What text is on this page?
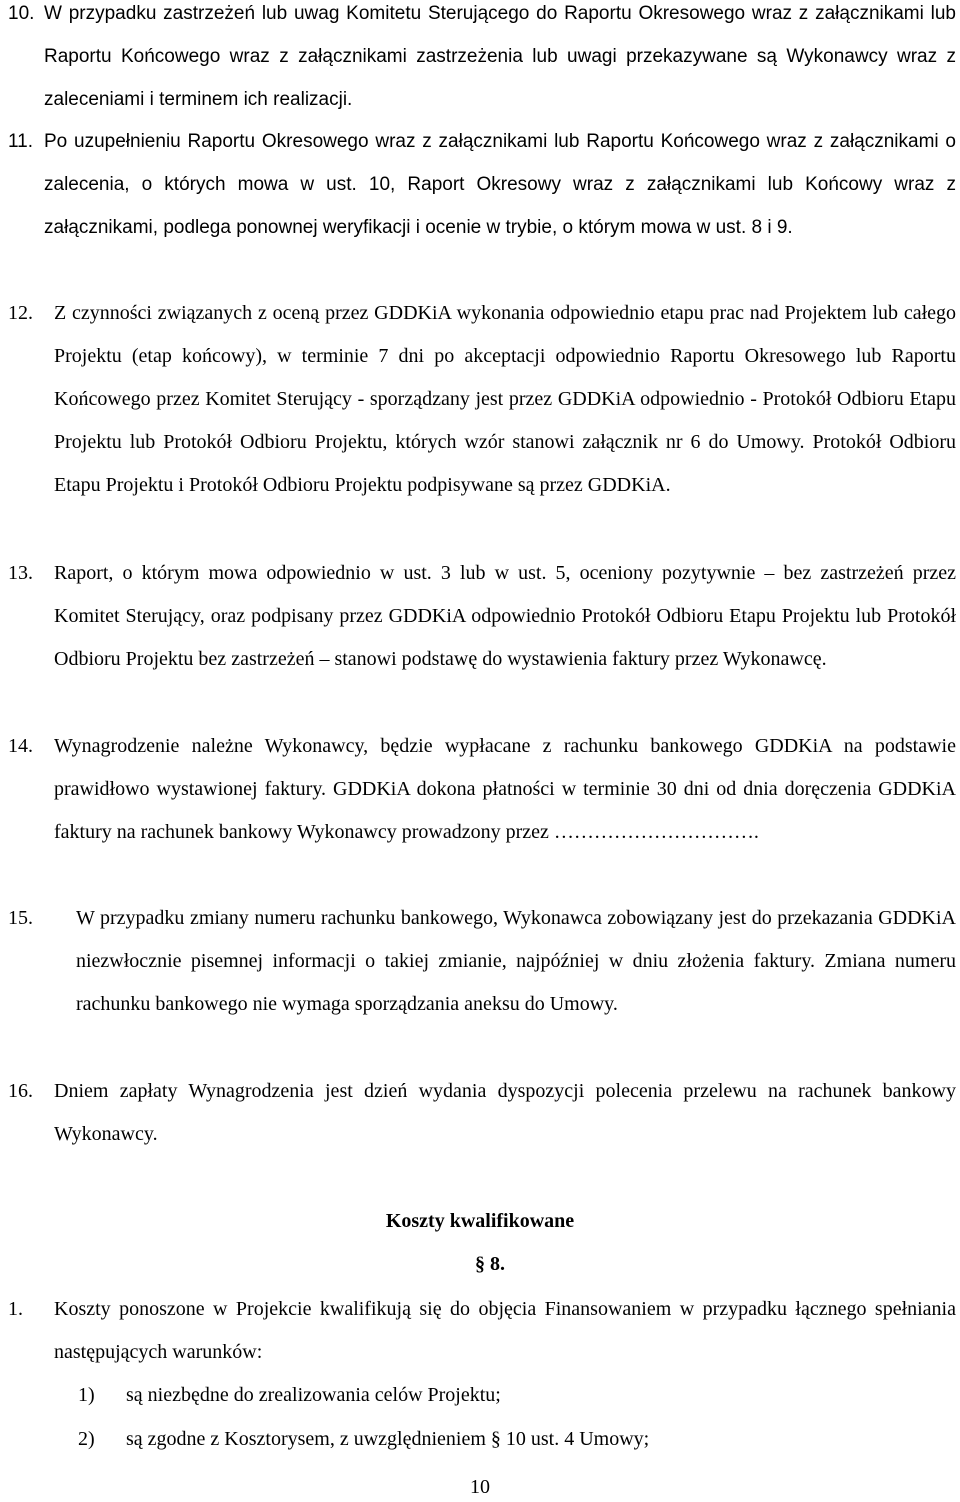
10. W przypadku zastrzeżeń lub uwag Komitetu Sterującego do Raportu Okresowego wraz z załącznikami lub Raportu Końcowego wraz z załącznikami zastrzeżenia lub uwagi przekazywane są Wykonawcy wraz z zaleceniami i terminem ich realizacji.
11. Po uzupełnieniu Raportu Okresowego wraz z załącznikami lub Raportu Końcowego wraz z załącznikami o zalecenia, o których mowa w ust. 10, Raport Okresowy wraz z załącznikami lub Końcowy wraz z załącznikami, podlega ponownej weryfikacji i ocenie w trybie, o którym mowa w ust. 8 i 9.
12.	Z czynności związanych z oceną przez GDDKiA wykonania odpowiednio etapu prac nad Projektem lub całego Projektu (etap końcowy), w terminie 7 dni po akceptacji odpowiednio Raportu Okresowego lub Raportu Końcowego przez Komitet Sterujący - sporządzany jest przez GDDKiA odpowiednio - Protokół Odbioru Etapu Projektu lub Protokół Odbioru Projektu, których wzór stanowi załącznik nr 6 do Umowy. Protokół Odbioru Etapu Projektu i Protokół Odbioru Projektu podpisywane są przez GDDKiA.
13.	Raport, o którym mowa odpowiednio w ust. 3 lub w ust. 5, oceniony pozytywnie – bez zastrzeżeń przez Komitet Sterujący, oraz podpisany przez GDDKiA odpowiednio Protokół Odbioru Etapu Projektu lub Protokół Odbioru Projektu bez zastrzeżeń – stanowi podstawę do wystawienia faktury przez Wykonawcę.
14.	Wynagrodzenie należne Wykonawcy, będzie wypłacane z rachunku bankowego GDDKiA na podstawie prawidłowo wystawionej faktury. GDDKiA dokona płatności w terminie 30 dni od dnia doręczenia GDDKiA faktury na rachunek bankowy Wykonawcy prowadzony przez ………………………….
15.	W przypadku zmiany numeru rachunku bankowego, Wykonawca zobowiązany jest do przekazania GDDKiA niezwłocznie pisemnej informacji o takiej zmianie, najpóźniej w dniu złożenia faktury. Zmiana numeru rachunku bankowego nie wymaga sporządzania aneksu do Umowy.
16.	Dniem zapłaty Wynagrodzenia jest dzień wydania dyspozycji polecenia przelewu na rachunek bankowy Wykonawcy.
Koszty kwalifikowane
§ 8.
1.	Koszty ponoszone w Projekcie kwalifikują się do objęcia Finansowaniem w przypadku łącznego spełniania następujących warunków:
1) są niezbędne do zrealizowania celów Projektu;
2) są zgodne z Kosztorysem, z uwzględnieniem § 10 ust. 4 Umowy;
10
